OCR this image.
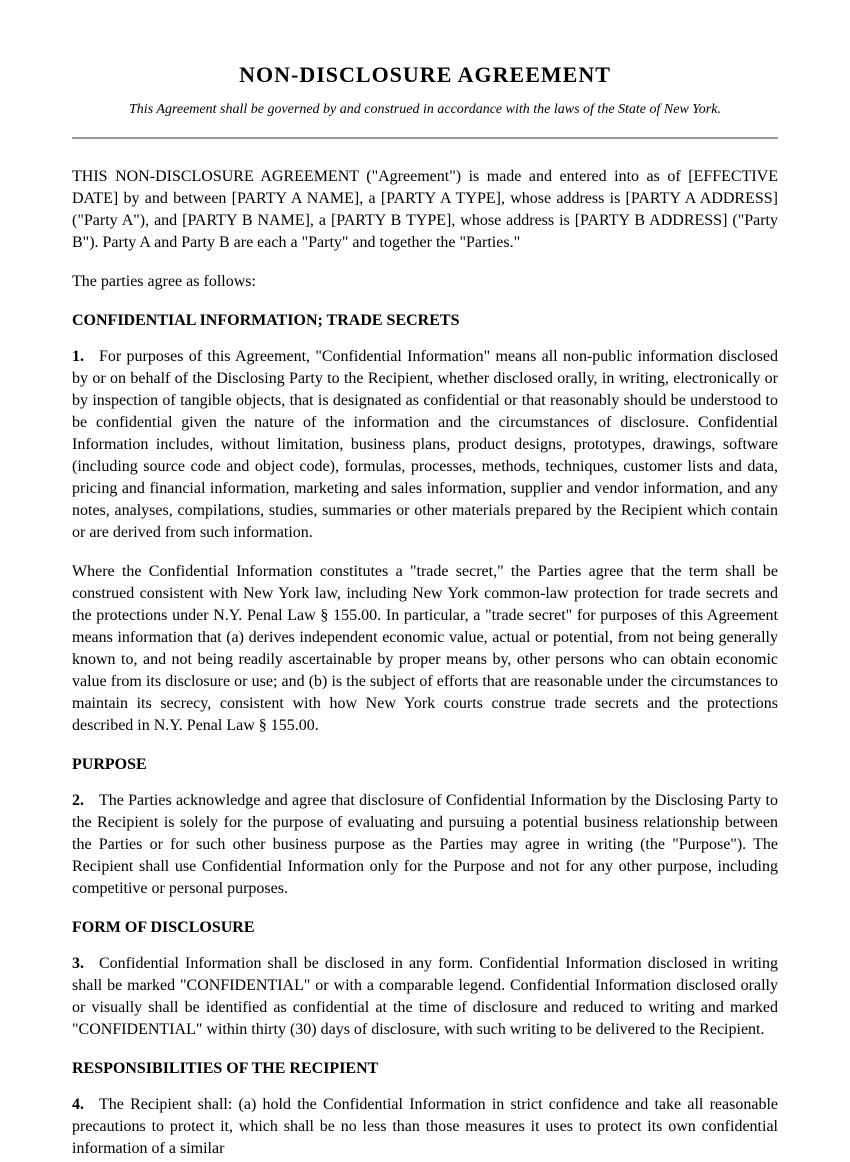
NON-DISCLOSURE AGREEMENT
This Agreement shall be governed by and construed in accordance with the laws of the State of New York.

THIS NON-DISCLOSURE AGREEMENT ("Agreement") is made and entered into as of [EFFECTIVE DATE] by and between [PARTY A NAME], a [PARTY A TYPE], whose address is [PARTY A ADDRESS] ("Party A"), and [PARTY B NAME], a [PARTY B TYPE], whose address is [PARTY B ADDRESS] ("Party B"). Party A and Party B are each a "Party" and together the "Parties."

The parties agree as follows:

CONFIDENTIAL INFORMATION; TRADE SECRETS

1. For purposes of this Agreement, "Confidential Information" means all non-public information disclosed by or on behalf of the Disclosing Party to the Recipient, whether disclosed orally, in writing, electronically or by inspection of tangible objects, that is designated as confidential or that reasonably should be understood to be confidential given the nature of the information and the circumstances of disclosure. Confidential Information includes, without limitation, business plans, product designs, prototypes, drawings, software (including source code and object code), formulas, processes, methods, techniques, customer lists and data, pricing and financial information, marketing and sales information, supplier and vendor information, and any notes, analyses, compilations, studies, summaries or other materials prepared by the Recipient which contain or are derived from such information.

Where the Confidential Information constitutes a "trade secret," the Parties agree that the term shall be construed consistent with New York law, including New York common-law protection for trade secrets and the protections under N.Y. Penal Law § 155.00. In particular, a "trade secret" for purposes of this Agreement means information that (a) derives independent economic value, actual or potential, from not being generally known to, and not being readily ascertainable by proper means by, other persons who can obtain economic value from its disclosure or use; and (b) is the subject of efforts that are reasonable under the circumstances to maintain its secrecy, consistent with how New York courts construe trade secrets and the protections described in N.Y. Penal Law § 155.00.

PURPOSE

2. The Parties acknowledge and agree that disclosure of Confidential Information by the Disclosing Party to the Recipient is solely for the purpose of evaluating and pursuing a potential business relationship between the Parties or for such other business purpose as the Parties may agree in writing (the "Purpose"). The Recipient shall use Confidential Information only for the Purpose and not for any other purpose, including competitive or personal purposes.

FORM OF DISCLOSURE

3. Confidential Information shall be disclosed in any form. Confidential Information disclosed in writing shall be marked "CONFIDENTIAL" or with a comparable legend. Confidential Information disclosed orally or visually shall be identified as confidential at the time of disclosure and reduced to writing and marked "CONFIDENTIAL" within thirty (30) days of disclosure, with such writing to be delivered to the Recipient.

RESPONSIBILITIES OF THE RECIPIENT

4. The Recipient shall: (a) hold the Confidential Information in strict confidence and take all reasonable precautions to protect it, which shall be no less than those measures it uses to protect its own confidential information of a similar
